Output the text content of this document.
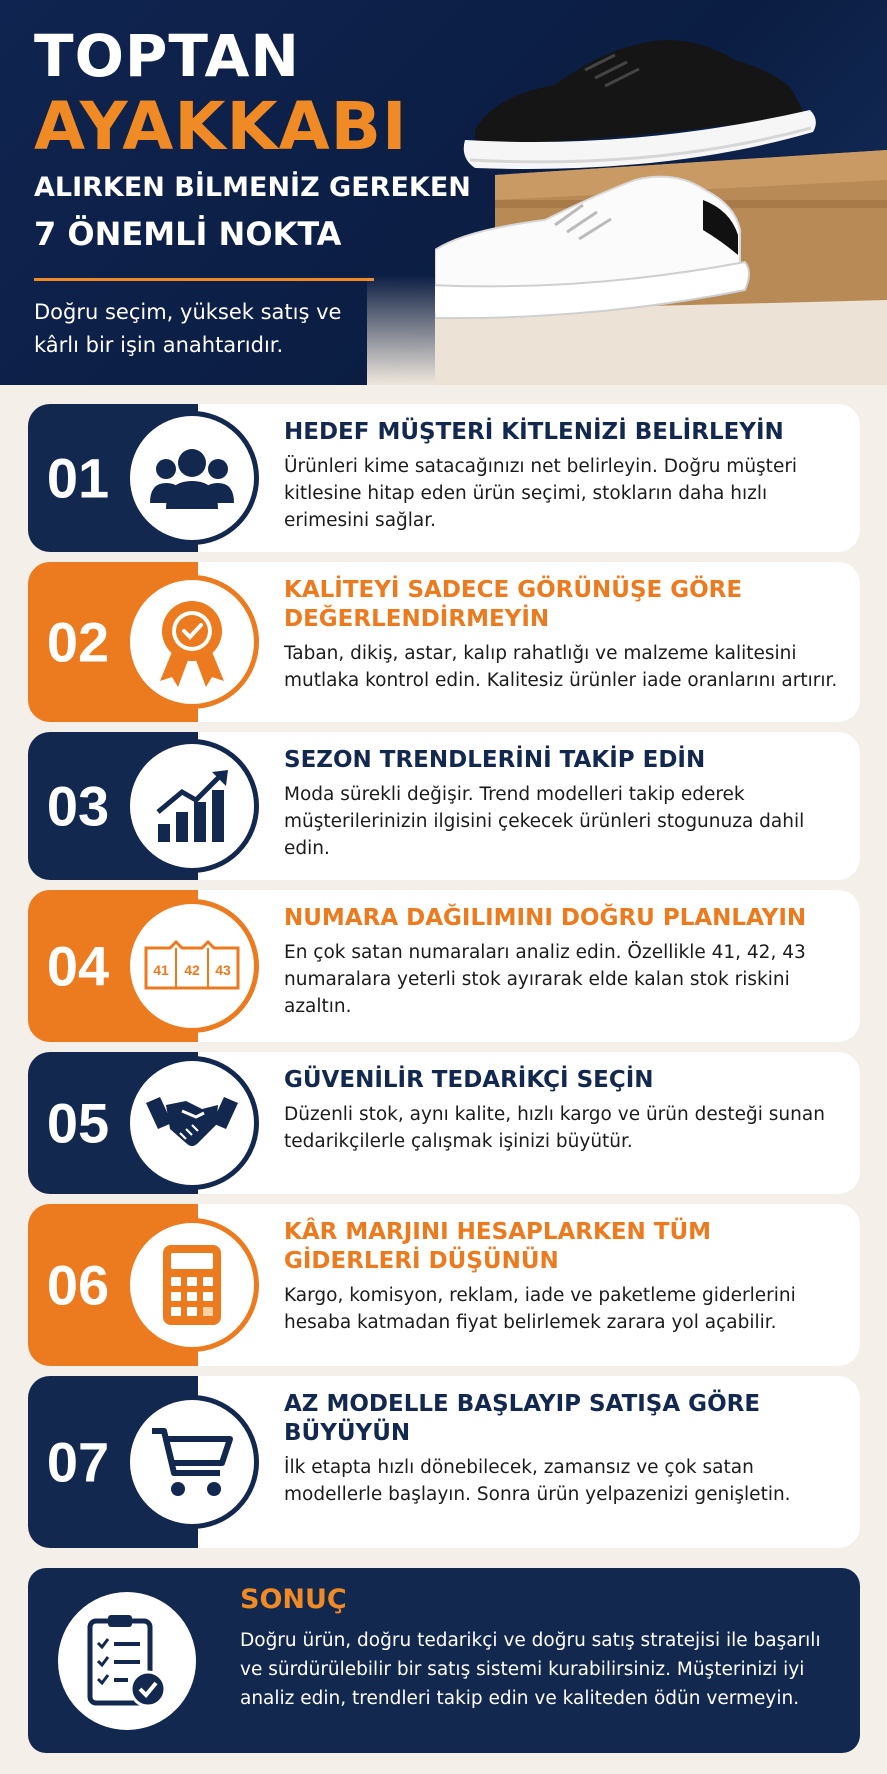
TOPTAN
AYAKKABI
ALIRKEN BİLMENİZ GEREKEN
7 ÖNEMLİ NOKTA
Doğru seçim, yüksek satış ve kârlı bir işin anahtarıdır.
01
HEDEF MÜŞTERİ KİTLENİZİ BELİRLEYİN

Ürünleri kime satacağınızı net belirleyin. Doğru müşteri kitlesine hitap eden ürün seçimi, stokların daha hızlı erimesini sağlar.

02
KALİTEYİ SADECE GÖRÜNÜŞE GÖRE DEĞERLENDİRMEYİN

Taban, dikiş, astar, kalıp rahatlığı ve malzeme kalitesini mutlaka kontrol edin. Kalitesiz ürünler iade oranlarını artırır.

03
SEZON TRENDLERİNİ TAKİP EDİN

Moda sürekli değişir. Trend modelleri takip ederek müşterilerinizin ilgisini çekecek ürünleri stogunuza dahil edin.

04	41 42 43
NUMARA DAĞILIMINI DOĞRU PLANLAYIN

En çok satan numaraları analiz edin. Özellikle 41, 42, 43 numaralara yeterli stok ayırarak elde kalan stok riskini azaltın.

05
GÜVENİLİR TEDARİKÇİ SEÇİN

Düzenli stok, aynı kalite, hızlı kargo ve ürün desteği sunan tedarikçilerle çalışmak işinizi büyütür.

06
KÂR MARJINI HESAPLARKEN TÜM GİDERLERİ DÜŞÜNÜN

Kargo, komisyon, reklam, iade ve paketleme giderlerini hesaba katmadan fiyat belirlemek zarara yol açabilir.

07
AZ MODELLE BAŞLAYIP SATIŞA GÖRE BÜYÜYÜN

İlk etapta hızlı dönebilecek, zamansız ve çok satan modellerle başlayın. Sonra ürün yelpazenizi genişletin.

SONUÇ
Doğru ürün, doğru tedarikçi ve doğru satış stratejisi ile başarılı ve sürdürülebilir bir satış sistemi kurabilirsiniz. Müşterinizi iyi analiz edin, trendleri takip edin ve kaliteden ödün vermeyin.
